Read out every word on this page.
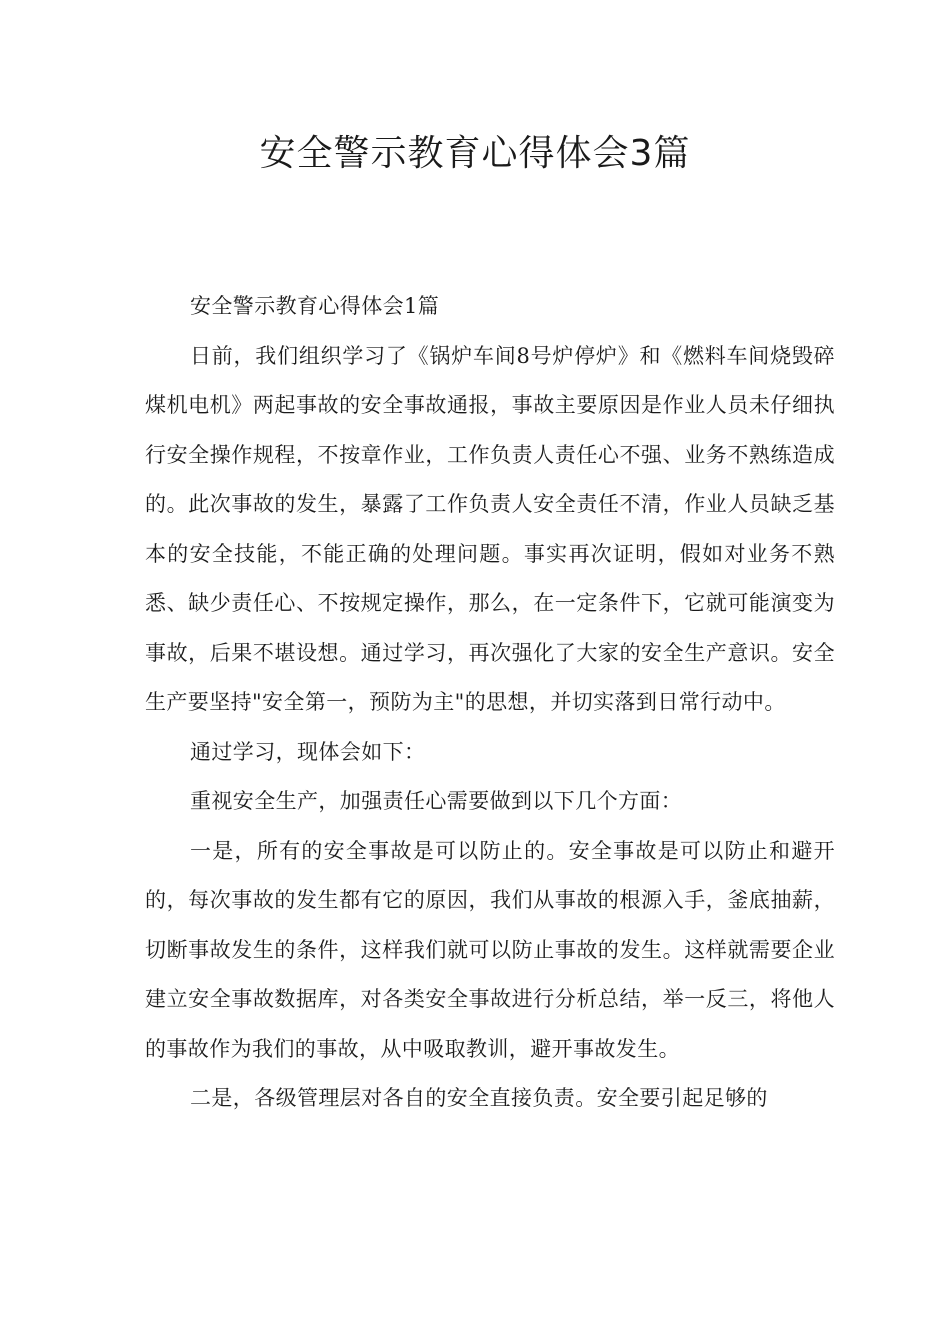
安全警示教育心得体会3篇

安全警示教育心得体会1篇

日前，我们组织学习了《锅炉车间8号炉停炉》和《燃料车间烧毁碎煤机电机》两起事故的安全事故通报，事故主要原因是作业人员未仔细执行安全操作规程，不按章作业，工作负责人责任心不强、业务不熟练造成的。此次事故的发生，暴露了工作负责人安全责任不清，作业人员缺乏基本的安全技能，不能正确的处理问题。事实再次证明，假如对业务不熟悉、缺少责任心、不按规定操作，那么，在一定条件下，它就可能演变为事故，后果不堪设想。通过学习，再次强化了大家的安全生产意识。安全生产要坚持"安全第一，预防为主"的思想，并切实落到日常行动中。

通过学习，现体会如下：

重视安全生产，加强责任心需要做到以下几个方面：

一是，所有的安全事故是可以防止的。安全事故是可以防止和避开的，每次事故的发生都有它的原因，我们从事故的根源入手，釜底抽薪，切断事故发生的条件，这样我们就可以防止事故的发生。这样就需要企业建立安全事故数据库，对各类安全事故进行分析总结，举一反三，将他人的事故作为我们的事故，从中吸取教训，避开事故发生。

二是，各级管理层对各自的安全直接负责。安全要引起足够的
